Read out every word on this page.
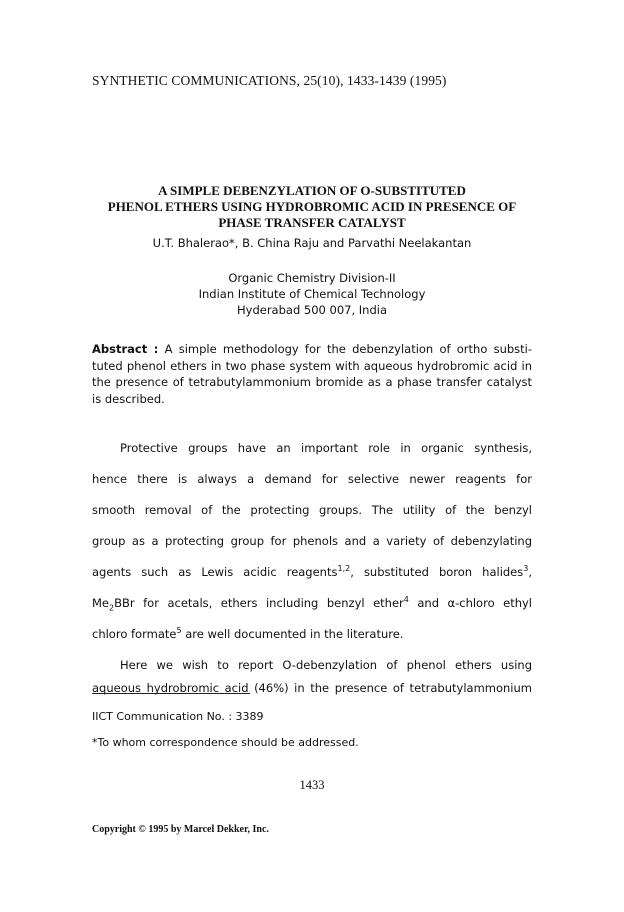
SYNTHETIC COMMUNICATIONS, 25(10), 1433-1439 (1995)
A SIMPLE DEBENZYLATION OF O-SUBSTITUTED
PHENOL ETHERS USING HYDROBROMIC ACID IN PRESENCE OF
PHASE TRANSFER CATALYST
U.T. Bhalerao*, B. China Raju and Parvathi Neelakantan
Organic Chemistry Division-II
Indian Institute of Chemical Technology
Hyderabad 500 007, India
Abstract : A simple methodology for the debenzylation of ortho substi-tuted phenol ethers in two phase system with aqueous hydrobromic acid in the presence of tetrabutylammonium bromide as a phase transfer catalyst is described.
Protective groups have an important role in organic synthesis,
hence there is always a demand for selective newer reagents for
smooth removal of the protecting groups. The utility of the benzyl
group as a protecting group for phenols and a variety of debenzylating
agents such as Lewis acidic reagents$^{1,2}$, substituted boron halides$^3$,
$Me_2BBr$ for acetals, ethers including benzyl ether$^4$ and α-chloro ethyl
chloro formate$^5$ are well documented in the literature.
Here we wish to report O-debenzylation of phenol ethers using
aqueous hydrobromic acid (46%) in the presence of tetrabutylammonium
IICT Communication No. : 3389
*To whom correspondence should be addressed.
1433
Copyright © 1995 by Marcel Dekker, Inc.
